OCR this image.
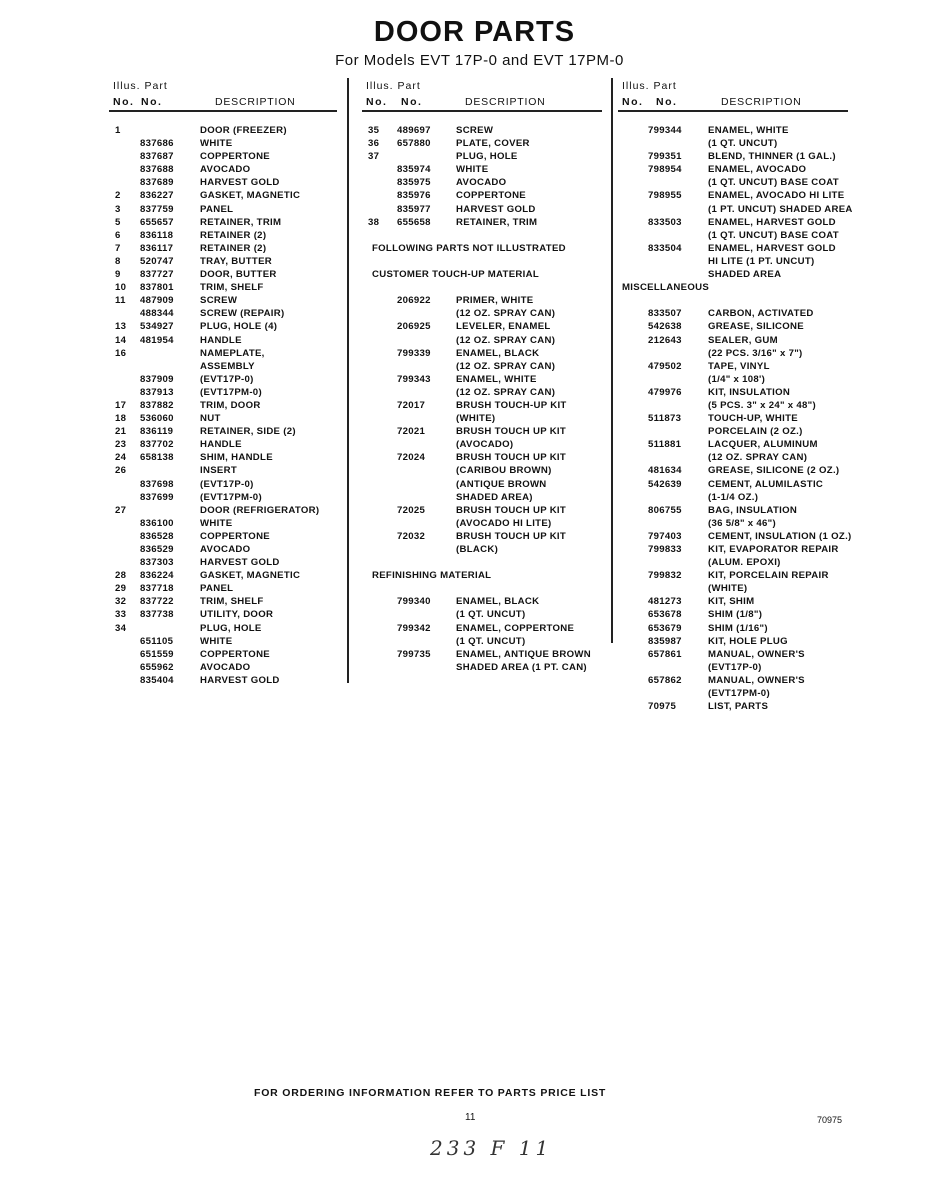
DOOR PARTS
For Models EVT 17P-0 and EVT 17PM-0
Illus. Part
No. No.	DESCRIPTION
1	DOOR (FREEZER)
837686	WHITE
837687	COPPERTONE
837688	AVOCADO
837689	HARVEST GOLD
2 836227	GASKET, MAGNETIC
3 837759	PANEL
5 655657	RETAINER, TRIM
6 836118	RETAINER (2)
7 836117	RETAINER (2)
8 520747	TRAY, BUTTER
9 837727	DOOR, BUTTER
10 837801	TRIM, SHELF
11 487909	SCREW
488344	SCREW (REPAIR)
13 534927	PLUG, HOLE (4)
14 481954	HANDLE
16	NAMEPLATE,
ASSEMBLY
837909	(EVT17P-0)
837913	(EVT17PM-0)
17 837882	TRIM, DOOR
18 536060	NUT
21 836119	RETAINER, SIDE (2)
23 837702	HANDLE
24 658138	SHIM, HANDLE
26	INSERT
837698	(EVT17P-0)
837699	(EVT17PM-0)
27	DOOR (REFRIGERATOR)
836100	WHITE
836528	COPPERTONE
836529	AVOCADO
837303	HARVEST GOLD
28 836224	GASKET, MAGNETIC
29 837718	PANEL
32 837722	TRIM, SHELF
33 837738	UTILITY, DOOR
34	PLUG, HOLE
651105	WHITE
651559	COPPERTONE
655962	AVOCADO
835404	HARVEST GOLD
Illus. Part
No. No.	DESCRIPTION
35 489697	SCREW
36 657880	PLATE, COVER
37	PLUG, HOLE
835974	WHITE
835975	AVOCADO
835976	COPPERTONE
835977	HARVEST GOLD
38 655658	RETAINER, TRIM
FOLLOWING PARTS NOT ILLUSTRATED
CUSTOMER TOUCH-UP MATERIAL
206922	PRIMER, WHITE
(12 OZ. SPRAY CAN)
206925	LEVELER, ENAMEL
(12 OZ. SPRAY CAN)
799339	ENAMEL, BLACK
(12 OZ. SPRAY CAN)
799343	ENAMEL, WHITE
(12 OZ. SPRAY CAN)
72017	BRUSH TOUCH-UP KIT
(WHITE)
72021	BRUSH TOUCH UP KIT
(AVOCADO)
72024	BRUSH TOUCH UP KIT
(CARIBOU BROWN)
(ANTIQUE BROWN
SHADED AREA)
72025	BRUSH TOUCH UP KIT
(AVOCADO HI LITE)
72032	BRUSH TOUCH UP KIT
(BLACK)
REFINISHING MATERIAL
799340	ENAMEL, BLACK
(1 QT. UNCUT)
799342	ENAMEL, COPPERTONE
(1 QT. UNCUT)
799735	ENAMEL, ANTIQUE BROWN
SHADED AREA (1 PT. CAN)
Illus. Part
No. No.	DESCRIPTION
799344	ENAMEL, WHITE
(1 QT. UNCUT)
799351	BLEND, THINNER (1 GAL.)
798954	ENAMEL, AVOCADO
(1 QT. UNCUT) BASE COAT
798955	ENAMEL, AVOCADO HI LITE
(1 PT. UNCUT) SHADED AREA
833503	ENAMEL, HARVEST GOLD
(1 QT. UNCUT) BASE COAT
833504	ENAMEL, HARVEST GOLD
HI LITE (1 PT. UNCUT)
SHADED AREA
MISCELLANEOUS
833507	CARBON, ACTIVATED
542638	GREASE, SILICONE
212643	SEALER, GUM
(22 PCS. 3/16" x 7")
479502	TAPE, VINYL
(1/4" x 108')
479976	KIT, INSULATION
(5 PCS. 3" x 24" x 48")
511873	TOUCH-UP, WHITE
PORCELAIN (2 OZ.)
511881	LACQUER, ALUMINUM
(12 OZ. SPRAY CAN)
481634	GREASE, SILICONE (2 OZ.)
542639	CEMENT, ALUMILASTIC
(1-1/4 OZ.)
806755	BAG, INSULATION
(36 5/8" x 46")
797403	CEMENT, INSULATION (1 OZ.)
799833	KIT, EVAPORATOR REPAIR
(ALUM. EPOXI)
799832	KIT, PORCELAIN REPAIR
(WHITE)
481273	KIT, SHIM
653678	SHIM (1/8")
653679	SHIM (1/16")
835987	KIT, HOLE PLUG
657861	MANUAL, OWNER'S
(EVT17P-0)
657862	MANUAL, OWNER'S
(EVT17PM-0)
70975	LIST, PARTS
FOR ORDERING INFORMATION REFER TO PARTS PRICE LIST
11	70975
233 F 11
